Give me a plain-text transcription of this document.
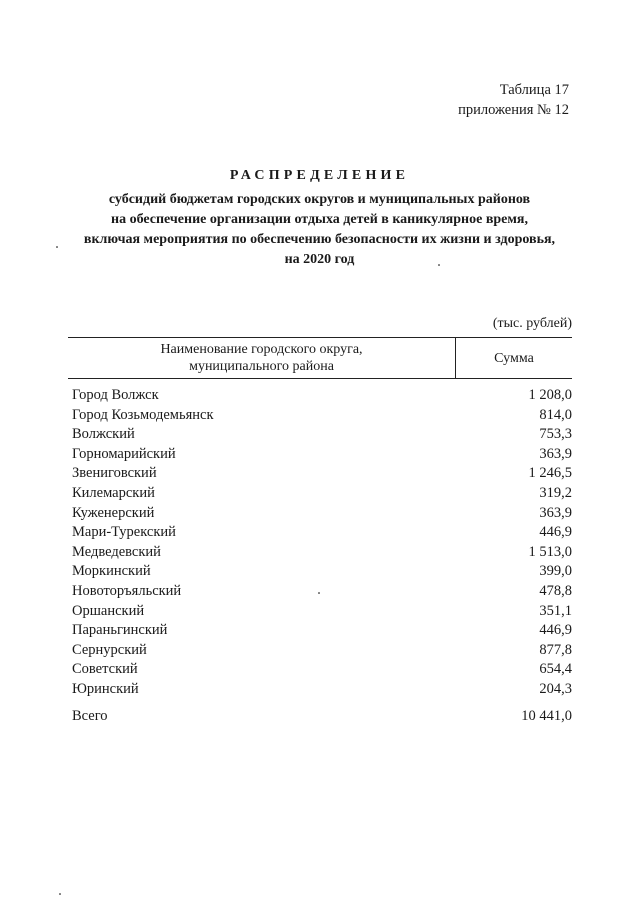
Таблица 17
приложения № 12
РАСПРЕДЕЛЕНИЕ
субсидий бюджетам городских округов и муниципальных районов
на обеспечение организации отдыха детей в каникулярное время,
включая мероприятия по обеспечению безопасности их жизни и здоровья,
на 2020 год
(тыс. рублей)
Наименование городского округа,
муниципального района
Сумма
Город Волжск	1 208,0
Город Козьмодемьянск	814,0
Волжский	753,3
Горномарийский	363,9
Звениговский	1 246,5
Килемарский	319,2
Куженерский	363,9
Мари-Турекский	446,9
Медведевский	1 513,0
Моркинский	399,0
Новоторъяльский	478,8
Оршанский	351,1
Параньгинский	446,9
Сернурский	877,8
Советский	654,4
Юринский	204,3
Всего	10 441,0
